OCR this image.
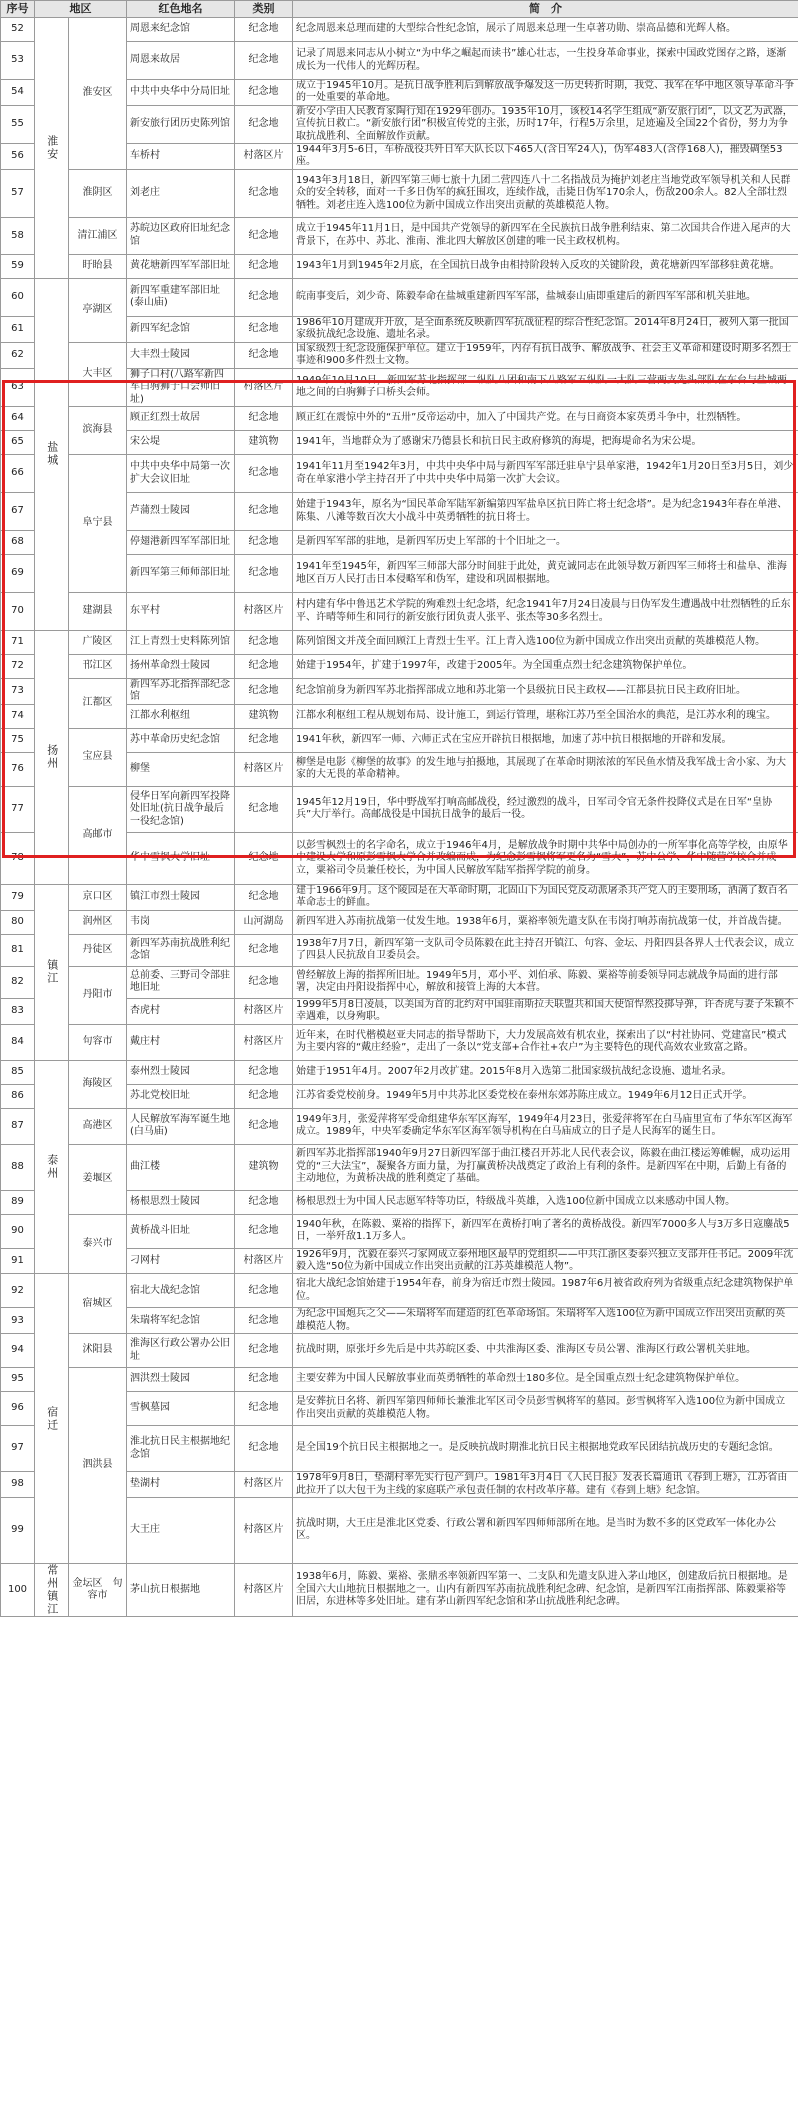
序号	地区		红色地名	类别	简　介
52	淮安	淮安区	周恩来纪念馆	纪念地	纪念周恩来总理而建的大型综合性纪念馆，展示了周恩来总理一生卓著功勋、崇高品德和光辉人格。
53			周恩来故居	纪念地	记录了周恩来同志从小树立“为中华之崛起而读书”雄心壮志，一生投身革命事业，探索中国政党图存之路，逐渐成长为一代伟人的光辉历程。
54			中共中央华中分局旧址	纪念地	成立于1945年10月。是抗日战争胜利后到解放战争爆发这一历史转折时期，我党、我军在华中地区领导革命斗争的一处重要的革命地。
55			新安旅行团历史陈列馆	纪念地	新安小学由人民教育家陶行知在1929年创办。1935年10月，该校14名学生组成“新安旅行团”，以文艺为武器，宣传抗日救亡。“新安旅行团”积极宣传党的主张，历时17年，行程5万余里，足迹遍及全国22个省份，努力为争取抗战胜利、全面解放作贡献。
56			车桥村	村落区片	1944年3月5-6日，车桥战役共歼日军大队长以下465人(含日军24人)，伪军483人(含俘168人)，摧毁碉堡53座。
57		淮阴区	刘老庄	纪念地	1943年3月18日，新四军第三师七旅十九团二营四连八十二名指战员为掩护刘老庄当地党政军领导机关和人民群众的安全转移，面对一千多日伪军的疯狂围攻，连续作战，击毙日伪军170余人，伤敌200余人。82人全部壮烈牺牲。刘老庄连入选100位为新中国成立作出突出贡献的英雄模范人物。
58		清江浦区	苏皖边区政府旧址纪念馆	纪念地	成立于1945年11月1日，是中国共产党领导的新四军在全民族抗日战争胜利结束、第二次国共合作进入尾声的大背景下，在苏中、苏北、淮南、淮北四大解放区创建的唯一民主政权机构。
59		盱眙县	黄花塘新四军军部旧址	纪念地	1943年1月到1945年2月底，在全国抗日战争由相持阶段转入反攻的关键阶段，黄花塘新四军部移驻黄花塘。
60	盐城	亭湖区	新四军重建军部旧址(泰山庙)	纪念地	皖南事变后，刘少奇、陈毅奉命在盐城重建新四军军部，盐城泰山庙即重建后的新四军军部和机关驻地。
61			新四军纪念馆	纪念地	1986年10月建成并开放，是全面系统反映新四军抗战征程的综合性纪念馆。2014年8月24日，被列入第一批国家级抗战纪念设施、遗址名录。
62		大丰区	大丰烈士陵园	纪念地	国家级烈士纪念设施保护单位。建立于1959年，内存有抗日战争、解放战争、社会主义革命和建设时期多名烈士事迹和900多件烈士文物。
63			狮子口村(八路军新四军白驹狮子口会师旧址)	村落区片	1949年10月10日，新四军苏北指挥部二纵队八团和南下八路军五纵队一大队三营两支先头部队在东台与盐城两地之间的白驹狮子口桥头会师。
64		滨海县	顾正红烈士故居	纪念地	顾正红在震惊中外的“五卅”反帝运动中，加入了中国共产党。在与日商资本家英勇斗争中，壮烈牺牲。
65			宋公堤	建筑物	1941年，当地群众为了感谢宋乃德县长和抗日民主政府修筑的海堤，把海堤命名为宋公堤。
66		阜宁县	中共中央华中局第一次扩大会议旧址	纪念地	1941年11月至1942年3月，中共中央华中局与新四军军部迁驻阜宁县单家港，1942年1月20日至3月5日，刘少奇在单家港小学主持召开了中共中央华中局第一次扩大会议。
67			芦蒲烈士陵园	纪念地	始建于1943年，原名为“国民革命军陆军新编第四军盐阜区抗日阵亡将士纪念塔”。是为纪念1943年春在单港、陈集、八滩等数百次大小战斗中英勇牺牲的抗日将士。
68			停翅港新四军军部旧址	纪念地	是新四军军部的驻地，是新四军历史上军部的十个旧址之一。
69			新四军第三师师部旧址	纪念地	1941年至1945年，新四军三师部大部分时间驻于此处，黄克诚同志在此领导数万新四军三师将士和盐阜、淮海地区百万人民打击日本侵略军和伪军，建设和巩固根据地。
70		建湖县	东平村	村落区片	村内建有华中鲁迅艺术学院的殉难烈士纪念塔，纪念1941年7月24日凌晨与日伪军发生遭遇战中壮烈牺牲的丘东平、许晴等师生和同行的新安旅行团负责人张平、张杰等30多名烈士。
71	扬州	广陵区	江上青烈士史料陈列馆	纪念地	陈列馆图文并茂全面回顾江上青烈士生平。江上青入选100位为新中国成立作出突出贡献的英雄模范人物。
72		邗江区	扬州革命烈士陵园	纪念地	始建于1954年，扩建于1997年，改建于2005年。为全国重点烈士纪念建筑物保护单位。
73		江都区	新四军苏北指挥部纪念馆	纪念地	纪念馆前身为新四军苏北指挥部成立地和苏北第一个县级抗日民主政权——江都县抗日民主政府旧址。
74			江都水利枢纽	建筑物	江都水利枢纽工程从规划布局、设计施工，到运行管理，堪称江苏乃至全国治水的典范，是江苏水利的瑰宝。
75		宝应县	苏中革命历史纪念馆	纪念地	1941年秋，新四军一师、六师正式在宝应开辟抗日根据地，加速了苏中抗日根据地的开辟和发展。
76			柳堡	村落区片	柳堡是电影《柳堡的故事》的发生地与拍摄地，其展现了在革命时期浓浓的军民鱼水情及我军战士舍小家、为大家的大无畏的革命精神。
77		高邮市	侵华日军向新四军投降处旧址(抗日战争最后一役纪念馆)	纪念地	1945年12月19日，华中野战军打响高邮战役，经过激烈的战斗，日军司令官无条件投降仪式是在日军“皇协兵”大厅举行。高邮战役是中国抗日战争的最后一役。
78			华中雪枫大学旧址	纪念地	以彭雪枫烈士的名字命名，成立于1946年4月，是解放战争时期中共华中局创办的一所军事化高等学校，由原华中建设大学和原彭雪枫大学合并改编而成，为纪念彭雪枫将军更名为“雪大”，苏中公学、华中随营学校合并成立，粟裕司令员兼任校长，为中国人民解放军陆军指挥学院的前身。
79	镇江	京口区	镇江市烈士陵园	纪念地	建于1966年9月。这个陵园是在大革命时期，北固山下为国民党反动派屠杀共产党人的主要刑场，洒满了数百名革命志士的鲜血。
80		润州区	韦岗	山河湖岛	新四军进入苏南抗战第一仗发生地。1938年6月，粟裕率领先遣支队在韦岗打响苏南抗战第一仗，并首战告捷。
81		丹徒区	新四军苏南抗战胜利纪念馆	纪念地	1938年7月7日，新四军第一支队司令员陈毅在此主持召开镇江、句容、金坛、丹阳四县各界人士代表会议，成立了四县人民抗敌自卫委员会。
82		丹阳市	总前委、三野司令部驻地旧址	纪念地	曾经解放上海的指挥所旧址。1949年5月，邓小平、刘伯承、陈毅、粟裕等前委领导同志就战争局面的进行部署，决定由丹阳设指挥中心，解放和接管上海的大本营。
83			杏虎村	村落区片	1999年5月8日凌晨，以美国为首的北约对中国驻南斯拉夫联盟共和国大使馆悍然投掷导弹，许杏虎与妻子朱颖不幸遇难，以身殉职。
84		句容市	戴庄村	村落区片	近年来，在时代楷模赵亚夫同志的指导帮助下，大力发展高效有机农业，探索出了以“村社协同、党建富民”模式为主要内容的“戴庄经验”，走出了一条以“党支部+合作社+农户”为主要特色的现代高效农业致富之路。
85	泰州	海陵区	泰州烈士陵园	纪念地	始建于1951年4月。2007年2月改扩建。2015年8月入选第二批国家级抗战纪念设施、遗址名录。
86			苏北党校旧址	纪念地	江苏省委党校前身。1949年5月中共苏北区委党校在泰州东郊苏陈庄成立。1949年6月12日正式开学。
87		高港区	人民解放军海军诞生地(白马庙)	纪念地	1949年3月，张爱萍将军受命组建华东军区海军，1949年4月23日，张爱萍将军在白马庙里宣布了华东军区海军成立。1989年，中央军委确定华东军区海军领导机构在白马庙成立的日子是人民海军的诞生日。
88		姜堰区	曲江楼	建筑物	新四军苏北指挥部1940年9月27日新四军部于曲江楼召开苏北人民代表会议，陈毅在曲江楼运筹帷幄，成功运用党的“三大法宝”，凝聚各方面力量，为打赢黄桥决战奠定了政治上有利的条件。是新四军在中期，后勤上有备的主动地位，为黄桥决战的胜利奠定了基础。
89			杨根思烈士陵园	纪念地	杨根思烈士为中国人民志愿军特等功臣，特级战斗英雄，入选100位新中国成立以来感动中国人物。
90		泰兴市	黄桥战斗旧址	纪念地	1940年秋，在陈毅、粟裕的指挥下，新四军在黄桥打响了著名的黄桥战役。新四军7000多人与3万多日寇鏖战5日，一举歼敌1.1万多人。
91			刁网村	村落区片	1926年9月，沈毅在泰兴刁家网成立泰州地区最早的党组织——中共江浙区委泰兴独立支部并任书记。2009年沈毅入选“50位为新中国成立作出突出贡献的江苏英雄模范人物”。
92	宿迁	宿城区	宿北大战纪念馆	纪念地	宿北大战纪念馆始建于1954年春，前身为宿迁市烈士陵园。1987年6月被省政府列为省级重点纪念建筑物保护单位。
93			朱瑞将军纪念馆	纪念地	为纪念中国炮兵之父——朱瑞将军而建造的红色革命场馆。朱瑞将军入选100位为新中国成立作出突出贡献的英雄模范人物。
94		沭阳县	淮海区行政公署办公旧址	纪念地	抗战时期，原张圩乡先后是中共苏皖区委、中共淮海区委、淮海区专员公署、淮海区行政公署机关驻地。
95		泗洪县	泗洪烈士陵园	纪念地	主要安葬为中国人民解放事业而英勇牺牲的革命烈士180多位。是全国重点烈士纪念建筑物保护单位。
96			雪枫墓园	纪念地	是安葬抗日名将、新四军第四师师长兼淮北军区司令员彭雪枫将军的墓园。彭雪枫将军入选100位为新中国成立作出突出贡献的英雄模范人物。
97			淮北抗日民主根据地纪念馆	纪念地	是全国19个抗日民主根据地之一。是反映抗战时期淮北抗日民主根据地党政军民团结抗战历史的专题纪念馆。
98			垫湖村	村落区片	1978年9月8日，垫湖村率先实行包产到户。1981年3月4日《人民日报》发表长篇通讯《春到上塘》，江苏省由此拉开了以大包干为主线的家庭联产承包责任制的农村改革序幕。建有《春到上塘》纪念馆。
99			大王庄	村落区片	抗战时期，大王庄是淮北区党委、行政公署和新四军四师师部所在地。是当时为数不多的区党政军一体化办公区。
100	常州镇江	金坛区　句容市	茅山抗日根据地	村落区片	1938年6月，陈毅、粟裕、张鼎丞率领新四军第一、二支队和先遣支队进入茅山地区，创建敌后抗日根据地。是全国六大山地抗日根据地之一。山内有新四军苏南抗战胜利纪念碑、纪念馆，是新四军江南指挥部、陈毅粟裕等旧居，东进林等多处旧址。建有茅山新四军纪念馆和茅山抗战胜利纪念碑。
